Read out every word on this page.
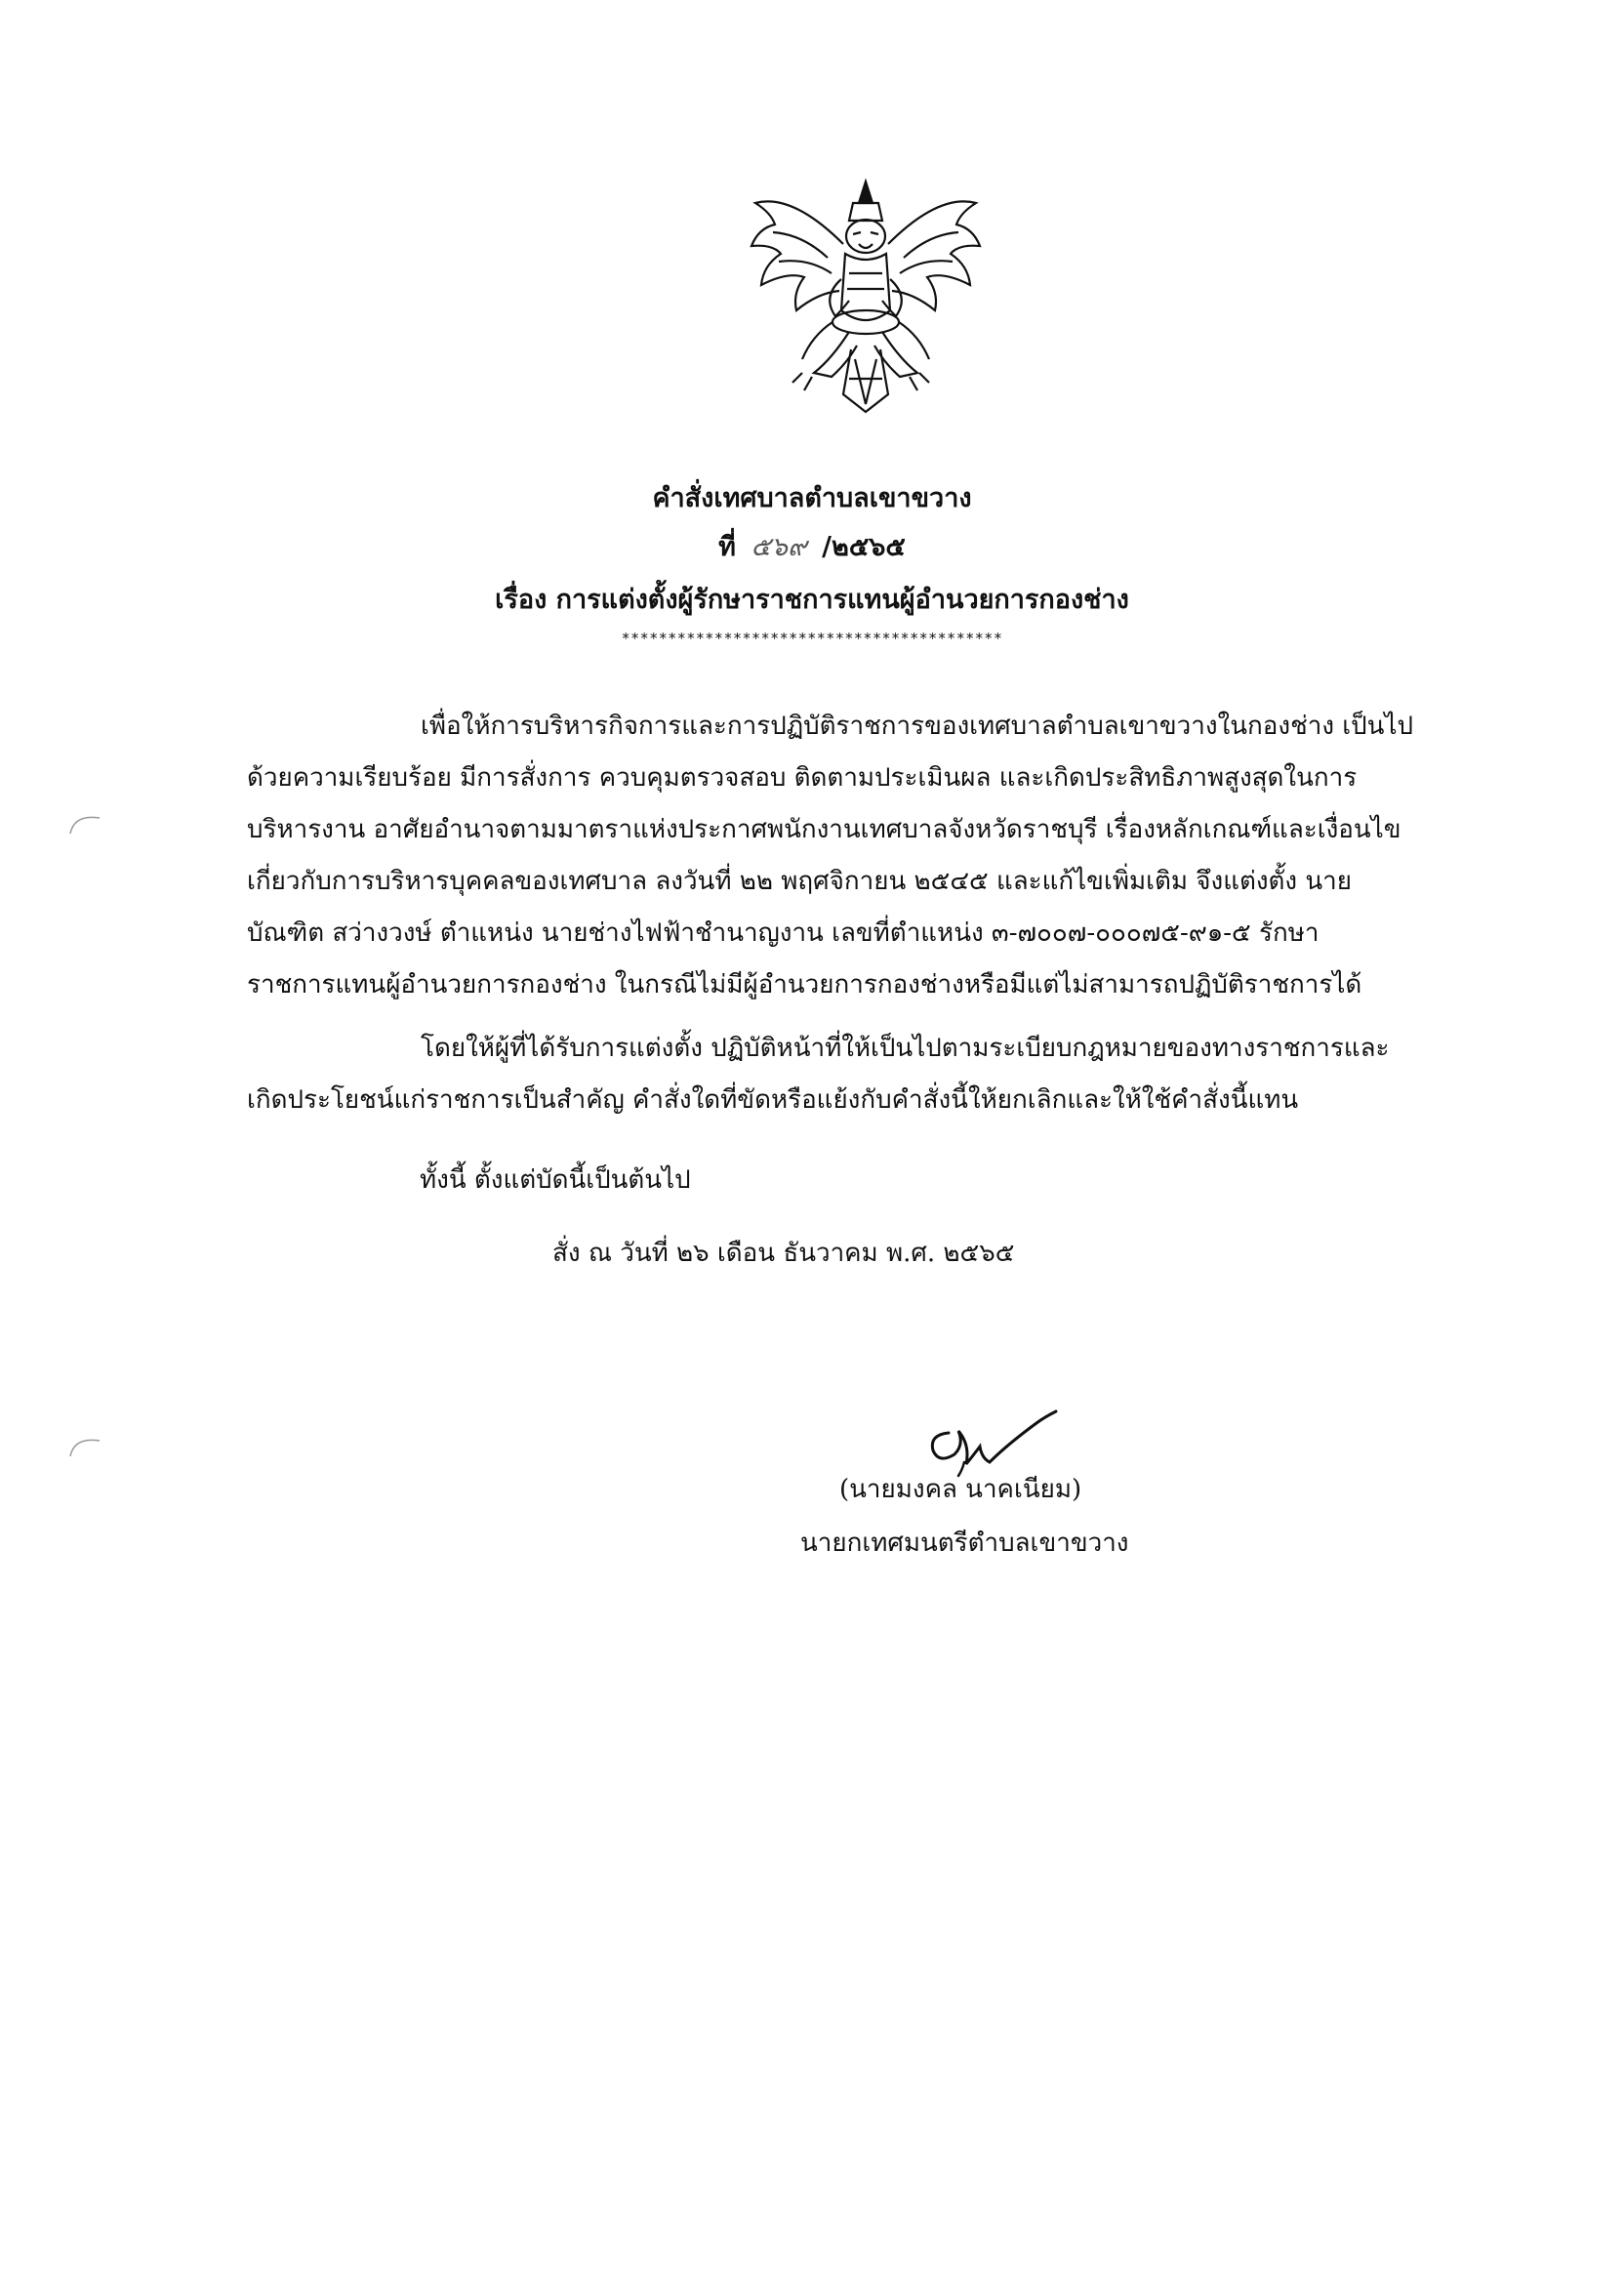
คำสั่งเทศบาลตำบลเขาขวาง
ที่ ๕๖๙ /๒๕๖๕
เรื่อง การแต่งตั้งผู้รักษาราชการแทนผู้อำนวยการกองช่าง
*****************************************
เพื่อให้การบริหารกิจการและการปฏิบัติราชการของเทศบาลตำบลเขาขวางในกองช่าง เป็นไป
ด้วยความเรียบร้อย มีการสั่งการ ควบคุมตรวจสอบ ติดตามประเมินผล และเกิดประสิทธิภาพสูงสุดในการ
บริหารงาน อาศัยอำนาจตามมาตราแห่งประกาศพนักงานเทศบาลจังหวัดราชบุรี เรื่องหลักเกณฑ์และเงื่อนไข
เกี่ยวกับการบริหารบุคคลของเทศบาล ลงวันที่ ๒๒ พฤศจิกายน ๒๕๔๕ และแก้ไขเพิ่มเติม จึงแต่งตั้ง นาย
บัณฑิต สว่างวงษ์ ตำแหน่ง นายช่างไฟฟ้าชำนาญงาน เลขที่ตำแหน่ง ๓-๗๐๐๗-๐๐๐๗๕-๙๑-๕ รักษา
ราชการแทนผู้อำนวยการกองช่าง ในกรณีไม่มีผู้อำนวยการกองช่างหรือมีแต่ไม่สามารถปฏิบัติราชการได้
โดยให้ผู้ที่ได้รับการแต่งตั้ง ปฏิบัติหน้าที่ให้เป็นไปตามระเบียบกฎหมายของทางราชการและ
เกิดประโยชน์แก่ราชการเป็นสำคัญ คำสั่งใดที่ขัดหรือแย้งกับคำสั่งนี้ให้ยกเลิกและให้ใช้คำสั่งนี้แทน
ทั้งนี้ ตั้งแต่บัดนี้เป็นต้นไป
สั่ง ณ วันที่ ๒๖ เดือน ธันวาคม พ.ศ. ๒๕๖๕
(นายมงคล นาคเนียม)
นายกเทศมนตรีตำบลเขาขวาง
